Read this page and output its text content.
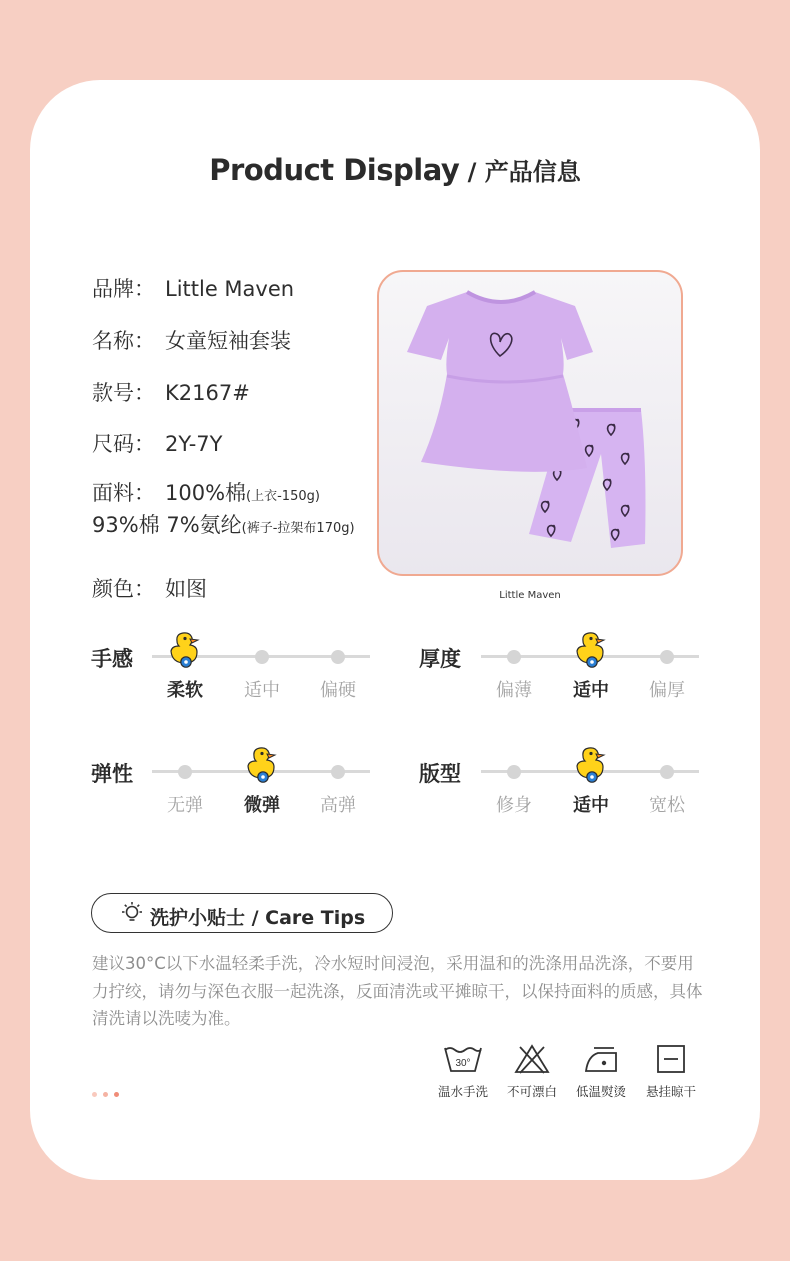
Product Display / 产品信息
品牌： Little Maven
名称： 女童短袖套装
款号： K2167#
尺码： 2Y-7Y
面料： 100%棉(上衣-150g)
93%棉 7%氨纶(裤子-拉架布170g)
颜色： 如图	Little Maven
手感
柔软	适中	偏硬
厚度
偏薄	适中	偏厚
弹性
无弹	微弹	高弹
版型
修身	适中	宽松
洗护小贴士 / Care Tips
建议30°C以下水温轻柔手洗，冷水短时间浸泡，采用温和的洗涤用品洗涤，不要用力拧绞，请勿与深色衣服一起洗涤，反面清洗或平摊晾干，以保持面料的质感，具体清洗请以洗唛为准。
30°
温水手洗	不可漂白	低温熨烫	悬挂晾干
